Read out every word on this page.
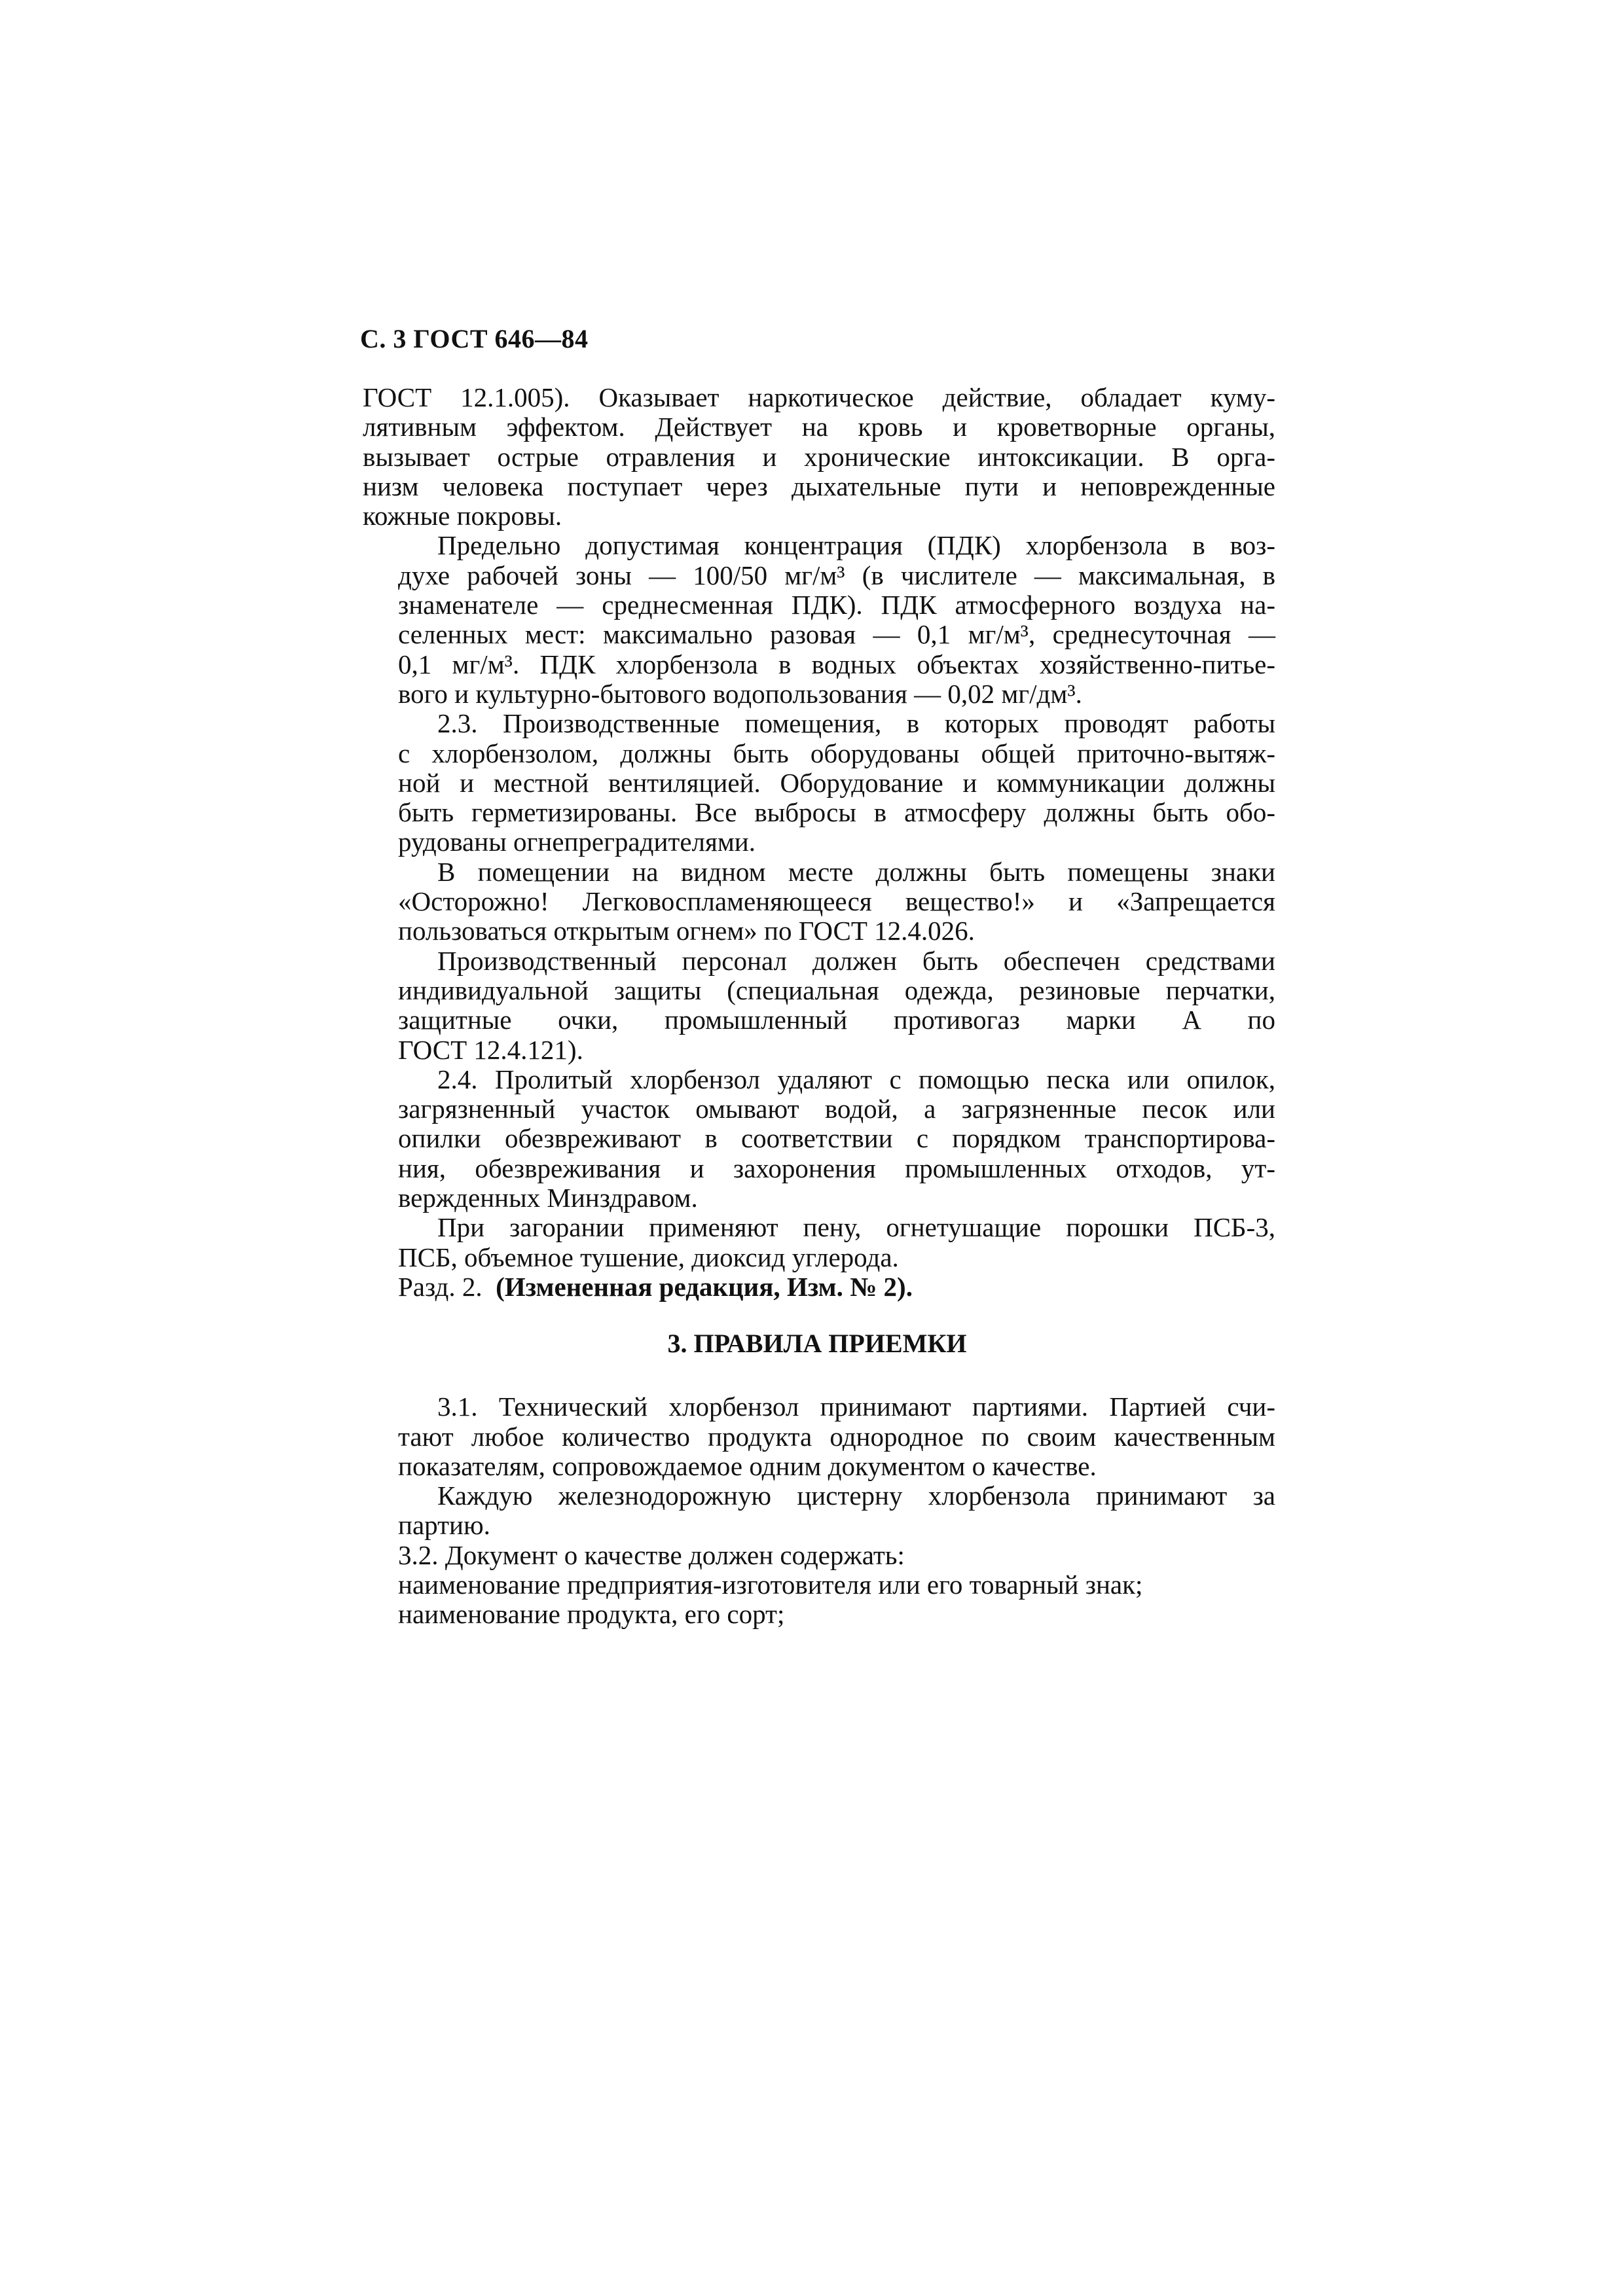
С. 3 ГОСТ 646—84

ГОСТ 12.1.005). Оказывает наркотическое действие, обладает куму-
лятивным эффектом. Действует на кровь и кроветворные органы,
вызывает острые отравления и хронические интоксикации. В орга-
низм человека поступает через дыхательные пути и неповрежденные
кожные покровы.

Предельно допустимая концентрация (ПДК) хлорбензола в воз-
духе рабочей зоны — 100/50 мг/м³ (в числителе — максимальная, в
знаменателе — среднесменная ПДК). ПДК атмосферного воздуха на-
селенных мест: максимально разовая — 0,1 мг/м³, среднесуточная —
0,1 мг/м³. ПДК хлорбензола в водных объектах хозяйственно-питье-
вого и культурно-бытового водопользования — 0,02 мг/дм³.

2.3. Производственные помещения, в которых проводят работы
с хлорбензолом, должны быть оборудованы общей приточно-вытяж-
ной и местной вентиляцией. Оборудование и коммуникации должны
быть герметизированы. Все выбросы в атмосферу должны быть обо-
рудованы огнепреградителями.

В помещении на видном месте должны быть помещены знаки
«Осторожно! Легковоспламеняющееся вещество!» и «Запрещается
пользоваться открытым огнем» по ГОСТ 12.4.026.

Производственный персонал должен быть обеспечен средствами
индивидуальной защиты (специальная одежда, резиновые перчатки,
защитные очки, промышленный противогаз марки А по
ГОСТ 12.4.121).

2.4. Пролитый хлорбензол удаляют с помощью песка или опилок,
загрязненный участок омывают водой, а загрязненные песок или
опилки обезвреживают в соответствии с порядком транспортирова-
ния, обезвреживания и захоронения промышленных отходов, ут-
вержденных Минздравом.

При загорании применяют пену, огнетушащие порошки ПСБ-3,
ПСБ, объемное тушение, диоксид углерода.

Разд. 2. (Измененная редакция, Изм. № 2).

3. ПРАВИЛА ПРИЕМКИ

3.1. Технический хлорбензол принимают партиями. Партией счи-
тают любое количество продукта однородное по своим качественным
показателям, сопровождаемое одним документом о качестве.

Каждую железнодорожную цистерну хлорбензола принимают за
партию.

3.2. Документ о качестве должен содержать:

наименование предприятия-изготовителя или его товарный знак;

наименование продукта, его сорт;
